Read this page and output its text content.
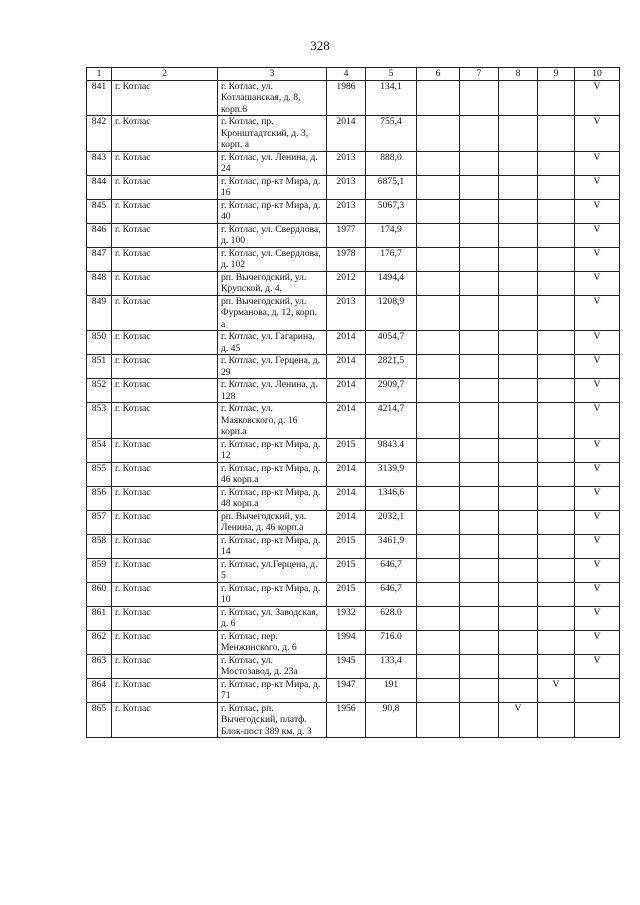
328
1	2	3	4	5	6	7	8	9	10
841	г. Котлас	г. Котлас, ул. Котлашанская, д. 8, корп.6	1986	134,1					V
842	г. Котлас	г. Котлас, пр. Кронштадтский, д. 3, корп. а	2014	755,4					V
843	г. Котлас	г. Котлас, ул. Ленина, д. 24	2013	888,0					V
844	г. Котлас	г. Котлас, пр-кт Мира, д. 16	2013	6875,1					V
845	г. Котлас	г. Котлас, пр-кт Мира, д. 40	2013	5067,3					V
846	г. Котлас	г. Котлас, ул. Свердлова, д. 100	1977	174,9					V
847	г. Котлас	г. Котлас, ул. Свердлова, д. 102	1978	176,7					V
848	г. Котлас	рп. Вычегодский, ул. Крупской, д. 4,	2012	1494,4					V
849	г. Котлас	рп. Вычегодский, ул. Фурманова, д. 12, корп. а	2013	1208,9					V
850	г. Котлас	г. Котлас, ул. Гагарина, д. 45	2014	4054,7					V
851	г. Котлас	г. Котлас, ул. Герцена, д. 29	2014	2821,5					V
852	г. Котлас	г. Котлас, ул. Ленина, д. 128	2014	2909,7					V
853	г. Котлас	г. Котлас, ул. Маяковского, д. 16 корп.а	2014	4214,7					V
854	г. Котлас	г. Котлас, пр-кт Мира, д. 12	2015	9843.4					V
855	г. Котлас	г. Котлас, пр-кт Мира, д. 46 корп.а	2014	3139,9					V
856	г. Котлас	г. Котлас, пр-кт Мира, д. 48 корп.а	2014	1346,6					V
857	г. Котлас	рп. Вычегодский, ул. Ленина, д. 46 корп.а	2014	2032,1					V
858	г. Котлас	г. Котлас, пр-кт Мира, д. 14	2015	3461,9					V
859	г. Котлас	г. Котлас, ул.Герцена, д. 5	2015	646,7					V
860	г. Котлас	г. Котлас, пр-кт Мира, д. 10	2015	646,7					V
861	г. Котлас	г. Котлас, ул. Заводская, д. 6	1932	628.0					V
862	г. Котлас	г. Котлас, пер. Менжинского, д. 6	1994	716.0					V
863	г. Котлас	г. Котлас, ул. Мостозавод, д. 23а	1945	133,4					V
864	г. Котлас	г. Котлас, пр-кт Мира, д. 71	1947	191				V	
865	г. Котлас	г. Котлас, рп. Вычегодский, платф. Блок-пост 389 км, д. 3	1956	90,8			V		
